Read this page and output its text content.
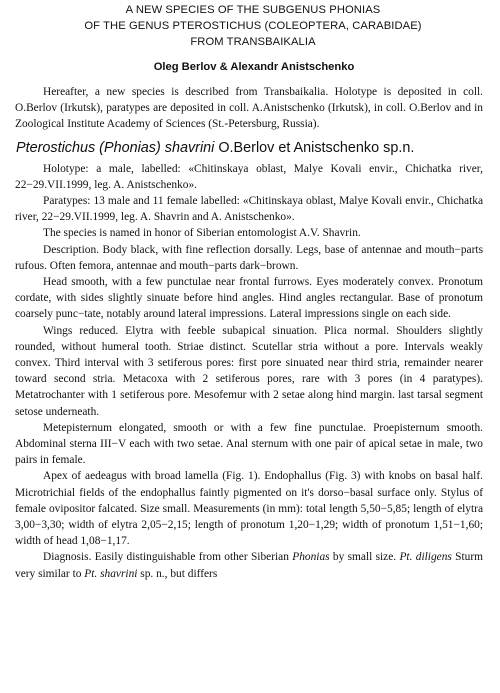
A NEW SPECIES OF THE SUBGENUS PHONIAS
OF THE GENUS PTEROSTICHUS (COLEOPTERA, CARABIDAE)
FROM TRANSBAIKALIA
Oleg Berlov & Alexandr Anistschenko

Hereafter, a new species is described from Transbaikalia. Holotype is deposited in coll. O.Berlov (Irkutsk), paratypes are deposited in coll. A.Anistschenko (Irkutsk), in coll. O.Berlov and in Zoological Institute Academy of Sciences (St.-Petersburg, Russia).

Pterostichus (Phonias) shavrini O.Berlov et Anistschenko sp.n.

Holotype: a male, labelled: «Chitinskaya oblast, Malye Kovali envir., Chichatka river, 22−29.VII.1999, leg. A. Anistschenko».

Paratypes: 13 male and 11 female labelled: «Chitinskaya oblast, Malye Kovali envir., Chichatka river, 22−29.VII.1999, leg. A. Shavrin and A. Anistschenko».

The species is named in honor of Siberian entomologist A.V. Shavrin.

Description. Body black, with fine reflection dorsally. Legs, base of antennae and mouth−parts rufous. Often femora, antennae and mouth−parts dark−brown.

Head smooth, with a few punctulae near frontal furrows. Eyes moderately convex. Pronotum cordate, with sides slightly sinuate before hind angles. Hind angles rectangular. Base of pronotum coarsely punc−tate, notably around lateral impressions. Lateral impressions single on each side.

Wings reduced. Elytra with feeble subapical sinuation. Plica normal. Shoulders slightly rounded, without humeral tooth. Striae distinct. Scutellar stria without a pore. Intervals weakly convex. Third interval with 3 setiferous pores: first pore sinuated near third stria, remainder nearer toward second stria. Metacoxa with 2 setiferous pores, rare with 3 pores (in 4 paratypes). Metatrochanter with 1 setiferous pore. Mesofemur with 2 setae along hind margin. last tarsal segment setose underneath.

Metepisternum elongated, smooth or with a few fine punctulae. Proepisternum smooth. Abdominal sterna III−V each with two setae. Anal sternum with one pair of apical setae in male, two pairs in female.

Apex of aedeagus with broad lamella (Fig. 1). Endophallus (Fig. 3) with knobs on basal half. Microtrichial fields of the endophallus faintly pigmented on it's dorso−basal surface only. Stylus of female ovipositor falcated. Size small. Measurements (in mm): total length 5,50−5,85; length of elytra 3,00−3,30; width of elytra 2,05−2,15; length of pronotum 1,20−1,29; width of pronotum 1,51−1,60; width of head 1,08−1,17.

Diagnosis. Easily distinguishable from other Siberian Phonias by small size. Pt. diligens Sturm very similar to Pt. shavrini sp. n., but differs
